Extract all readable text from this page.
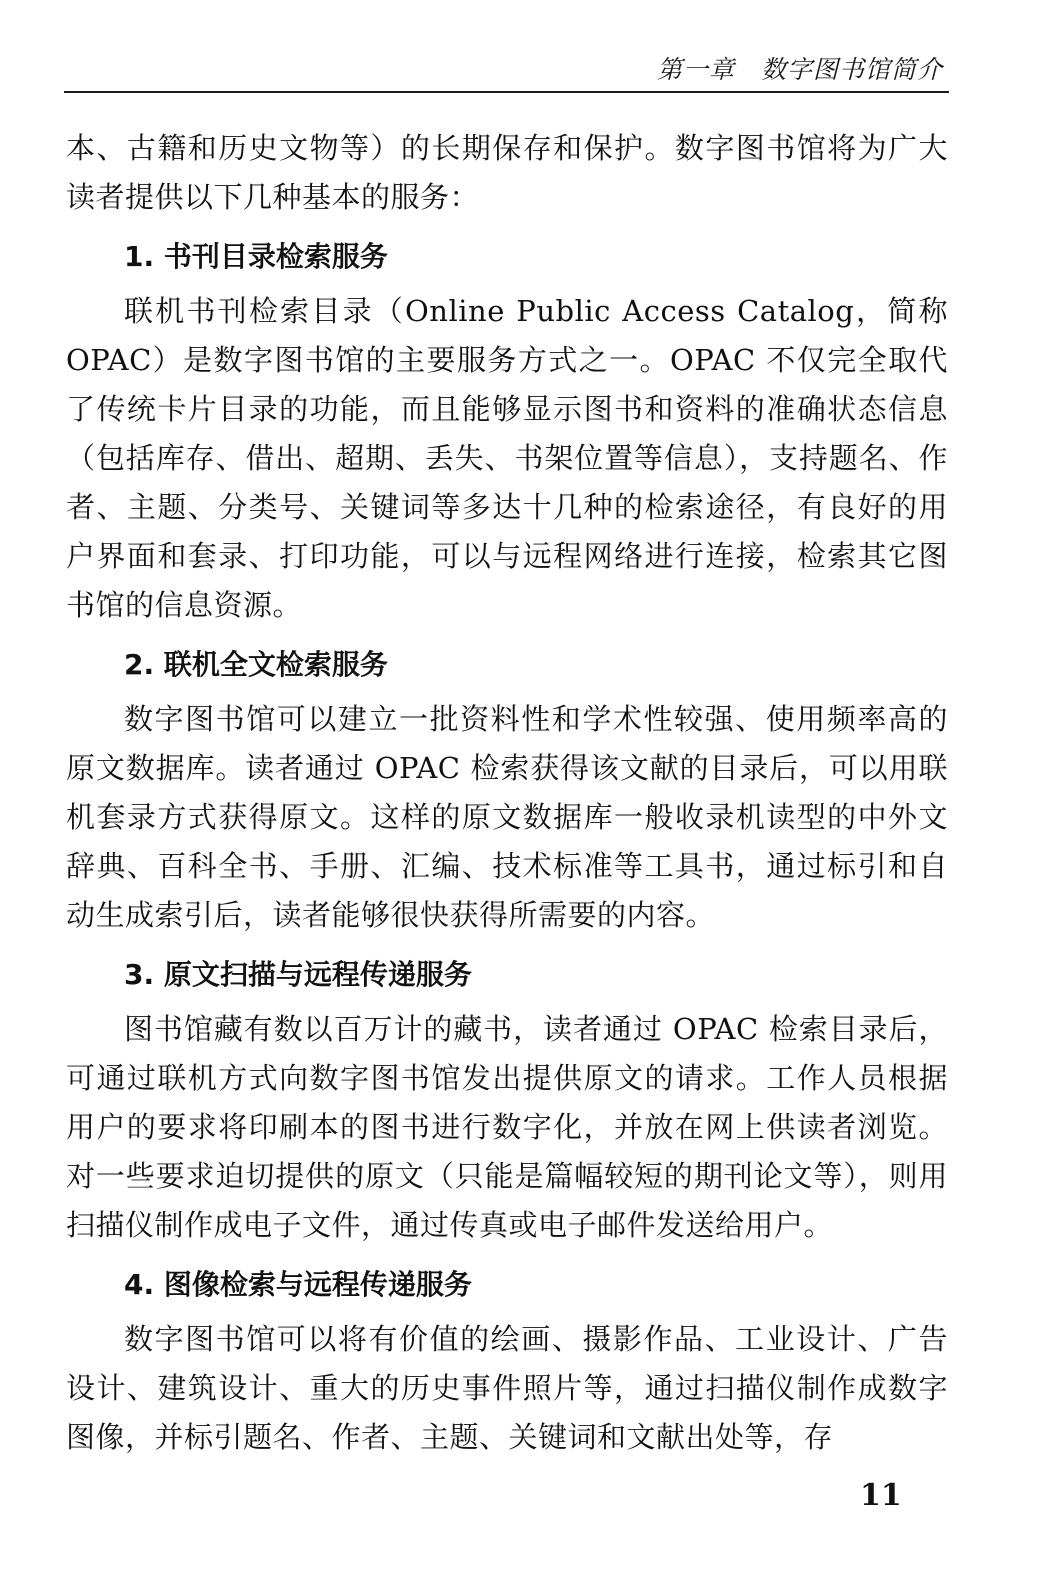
第一章　数字图书馆简介

本、古籍和历史文物等）的长期保存和保护。数字图书馆将为广大读者提供以下几种基本的服务：

1. 书刊目录检索服务

联机书刊检索目录（Online Public Access Catalog，简称OPAC）是数字图书馆的主要服务方式之一。OPAC 不仅完全取代了传统卡片目录的功能，而且能够显示图书和资料的准确状态信息（包括库存、借出、超期、丢失、书架位置等信息），支持题名、作者、主题、分类号、关键词等多达十几种的检索途径，有良好的用户界面和套录、打印功能，可以与远程网络进行连接，检索其它图书馆的信息资源。

2. 联机全文检索服务

数字图书馆可以建立一批资料性和学术性较强、使用频率高的原文数据库。读者通过 OPAC 检索获得该文献的目录后，可以用联机套录方式获得原文。这样的原文数据库一般收录机读型的中外文辞典、百科全书、手册、汇编、技术标准等工具书，通过标引和自动生成索引后，读者能够很快获得所需要的内容。

3. 原文扫描与远程传递服务

图书馆藏有数以百万计的藏书，读者通过 OPAC 检索目录后，可通过联机方式向数字图书馆发出提供原文的请求。工作人员根据用户的要求将印刷本的图书进行数字化，并放在网上供读者浏览。对一些要求迫切提供的原文（只能是篇幅较短的期刊论文等），则用扫描仪制作成电子文件，通过传真或电子邮件发送给用户。

4. 图像检索与远程传递服务

数字图书馆可以将有价值的绘画、摄影作品、工业设计、广告设计、建筑设计、重大的历史事件照片等，通过扫描仪制作成数字图像，并标引题名、作者、主题、关键词和文献出处等，存

11
